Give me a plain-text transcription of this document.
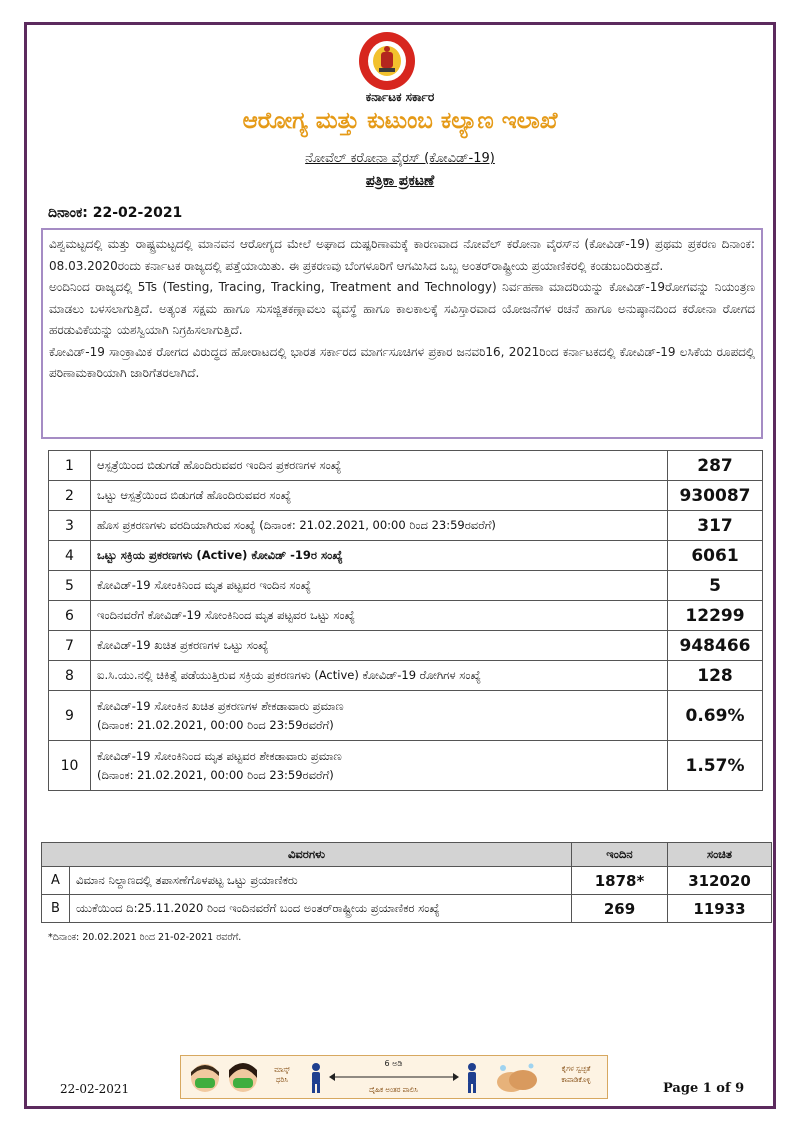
ಕರ್ನಾಟಕ ಸರ್ಕಾರ
ಆರೋಗ್ಯ ಮತ್ತು ಕುಟುಂಬ ಕಲ್ಯಾಣ ಇಲಾಖೆ
ನೋವೆಲ್ ಕರೋನಾ ವೈರಸ್ (ಕೋವಿಡ್-19)
ಪತ್ರಿಕಾ ಪ್ರಕಟಣೆ
ದಿನಾಂಕ: 22-02-2021

ವಿಶ್ವಮಟ್ಟದಲ್ಲಿ ಮತ್ತು ರಾಷ್ಟ್ರಮಟ್ಟದಲ್ಲಿ ಮಾನವನ ಆರೋಗ್ಯದ ಮೇಲೆ ಅಘಾದ ದುಷ್ಪರಿಣಾಮಕ್ಕೆ ಕಾರಣವಾದ ನೋವೆಲ್ ಕರೋನಾ ವೈರಸ್‌ನ (ಕೋವಿಡ್-19) ಪ್ರಥಮ ಪ್ರಕರಣ ದಿನಾಂಕ: 08.03.2020ರಂದು ಕರ್ನಾಟಕ ರಾಜ್ಯದಲ್ಲಿ ಪತ್ತೆಯಾಯಿತು. ಈ ಪ್ರಕರಣವು ಬೆಂಗಳೂರಿಗೆ ಆಗಮಿಸಿದ ಒಬ್ಬ ಅಂತರ್‌ರಾಷ್ಟ್ರೀಯ ಪ್ರಯಾಣಿಕರಲ್ಲಿ ಕಂಡುಬಂದಿರುತ್ತದೆ.

ಅಂದಿನಿಂದ ರಾಜ್ಯದಲ್ಲಿ 5Ts (Testing, Tracing, Tracking, Treatment and Technology) ನಿರ್ವಹಣಾ ಮಾದರಿಯನ್ನು ಕೋವಿಡ್-19ರೋಗವನ್ನು ನಿಯಂತ್ರಣ ಮಾಡಲು ಬಳಸಲಾಗುತ್ತಿದೆ. ಅತ್ಯಂತ ಸಕ್ಷಮ ಹಾಗೂ ಸುಸಜ್ಜಿತಕಣ್ಗಾವಲು ವ್ಯವಸ್ಥೆ ಹಾಗೂ ಕಾಲಕಾಲಕ್ಕೆ ಸವಿಸ್ತಾರವಾದ ಯೋಜನೆಗಳ ರಚನೆ ಹಾಗೂ ಅನುಷ್ಠಾನದಿಂದ ಕರೋನಾ ರೋಗದ ಹರಡುವಿಕೆಯನ್ನು ಯಶಸ್ವಿಯಾಗಿ ನಿಗ್ರಹಿಸಲಾಗುತ್ತಿದೆ.

ಕೋವಿಡ್-19 ಸಾಂಕ್ರಾಮಿಕ ರೋಗದ ವಿರುದ್ಧದ ಹೋರಾಟದಲ್ಲಿ ಭಾರತ ಸರ್ಕಾರದ ಮಾರ್ಗಸೂಚಿಗಳ ಪ್ರಕಾರ ಜನವರಿ16, 2021ರಿಂದ ಕರ್ನಾಟಕದಲ್ಲಿ ಕೋವಿಡ್-19 ಲಸಿಕೆಯ ರೂಪದಲ್ಲಿ ಪರಿಣಾಮಕಾರಿಯಾಗಿ ಜಾರಿಗೆತರಲಾಗಿದೆ.

1	ಆಸ್ಪತ್ರೆಯಿಂದ ಬಿಡುಗಡೆ ಹೊಂದಿರುವವರ ಇಂದಿನ ಪ್ರಕರಣಗಳ ಸಂಖ್ಯೆ	287
2	ಒಟ್ಟು ಆಸ್ಪತ್ರೆಯಿಂದ ಬಿಡುಗಡೆ ಹೊಂದಿರುವವರ ಸಂಖ್ಯೆ	930087
3	ಹೊಸ ಪ್ರಕರಣಗಳು ವರದಿಯಾಗಿರುವ ಸಂಖ್ಯೆ (ದಿನಾಂಕ: 21.02.2021, 00:00 ರಿಂದ 23:59ರವರೆಗೆ)	317
4	ಒಟ್ಟು ಸಕ್ರಿಯ ಪ್ರಕರಣಗಳು (Active) ಕೋವಿಡ್ -19ರ ಸಂಖ್ಯೆ	6061
5	ಕೋವಿಡ್-19 ಸೋಂಕಿನಿಂದ ಮೃತ ಪಟ್ಟವರ ಇಂದಿನ ಸಂಖ್ಯೆ	5
6	ಇಂದಿನವರೆಗೆ ಕೋವಿಡ್-19 ಸೋಂಕಿನಿಂದ ಮೃತ ಪಟ್ಟವರ ಒಟ್ಟು ಸಂಖ್ಯೆ	12299
7	ಕೋವಿಡ್-19 ಖಚಿತ ಪ್ರಕರಣಗಳ ಒಟ್ಟು ಸಂಖ್ಯೆ	948466
8	ಐ.ಸಿ.ಯು.ನಲ್ಲಿ ಚಿಕಿತ್ಸೆ ಪಡೆಯುತ್ತಿರುವ ಸಕ್ರಿಯ ಪ್ರಕರಣಗಳು (Active) ಕೋವಿಡ್-19 ರೋಗಿಗಳ ಸಂಖ್ಯೆ	128
9	ಕೋವಿಡ್-19 ಸೋಂಕಿನ ಖಚಿತ ಪ್ರಕರಣಗಳ ಶೇಕಡಾವಾರು ಪ್ರಮಾಣ
(ದಿನಾಂಕ: 21.02.2021, 00:00 ರಿಂದ 23:59ರವರೆಗೆ)	0.69%
10	ಕೋವಿಡ್-19 ಸೋಂಕಿನಿಂದ ಮೃತ ಪಟ್ಟವರ ಶೇಕಡಾವಾರು ಪ್ರಮಾಣ
(ದಿನಾಂಕ: 21.02.2021, 00:00 ರಿಂದ 23:59ರವರೆಗೆ)	1.57%
ವಿವರಗಳು		ಇಂದಿನ	ಸಂಚಿತ
A	ವಿಮಾನ ನಿಲ್ದಾಣದಲ್ಲಿ ತಪಾಸಣೆಗೊಳಪಟ್ಟ ಒಟ್ಟು ಪ್ರಯಾಣಿಕರು	1878*	312020
B	ಯುಕೆಯಿಂದ ದಿ:25.11.2020 ರಿಂದ ಇಂದಿನವರೆಗೆ ಬಂದ ಅಂತರ್‌ರಾಷ್ಟ್ರೀಯ ಪ್ರಯಾಣಿಕರ ಸಂಖ್ಯೆ	269	11933
*ದಿನಾಂಕ: 20.02.2021 ರಿಂದ 21-02-2021 ರವರೆಗೆ.
ಮಾಸ್ಕ್ ಧರಿಸಿ
6 ಅಡಿ
ದೈಹಿಕ ಅಂತರ ಪಾಲಿಸಿ
ಕೈಗಳ ಸ್ವಚ್ಛತೆ ಕಾಪಾಡಿಕೊಳ್ಳಿ
22-02-2021	Page 1 of 9
